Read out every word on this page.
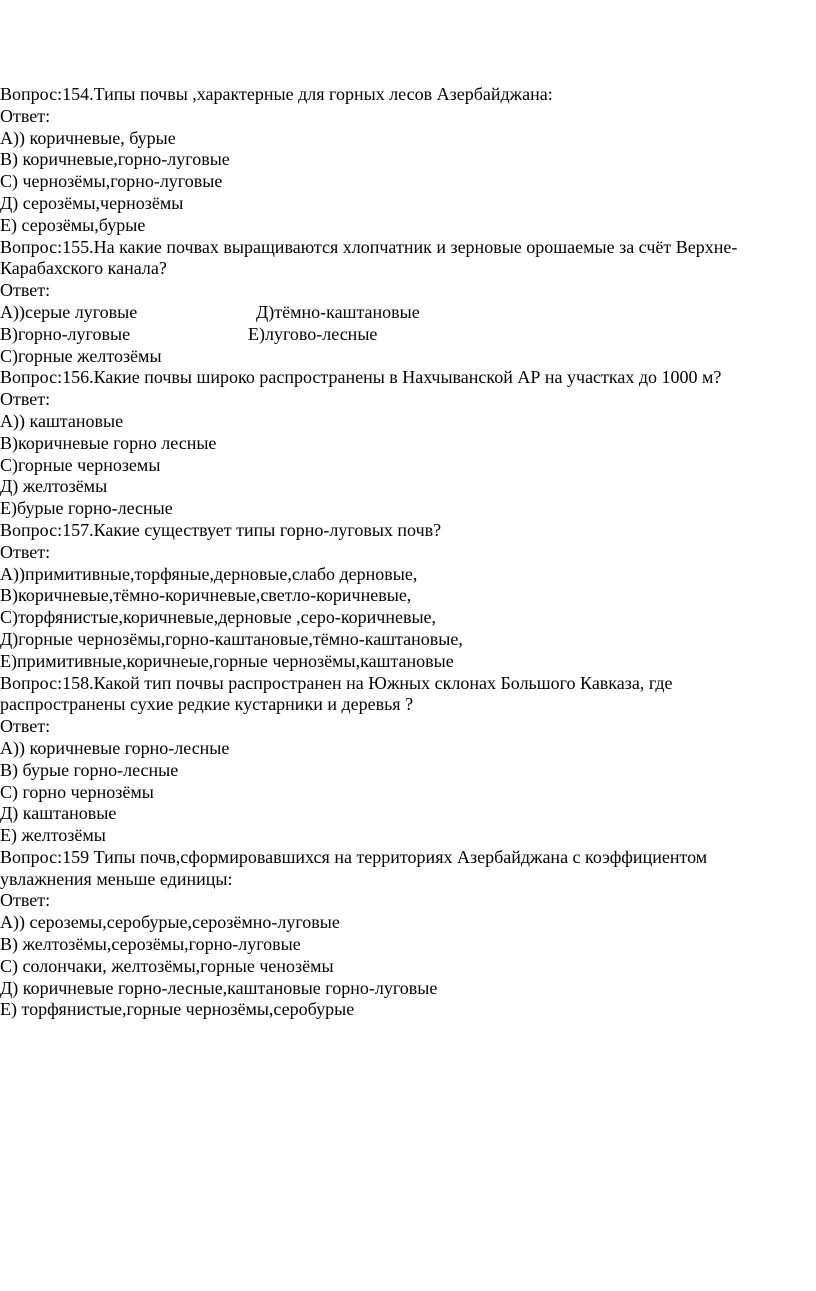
Вопрос:154.Типы почвы ,характерные для горных лесов Азербайджана:
Ответ:
A)) коричневые, бурые
B) коричневые,горно-луговые
C) чернозёмы,горно-луговые
Д) серозёмы,чернозёмы
E) серозёмы,бурые
Вопрос:155.На какие почвах выращиваются хлопчатник и зерновые орошаемые за счёт Верхне-Карабахского канала?
Ответ:
A))серые луговые	Д)тёмно-каштановые
B)горно-луговые	E)лугово-лесные
C)горные желтозёмы
Вопрос:156.Какие почвы широко распространены в Нахчыванской АР на участках до 1000 м?
Ответ:
A)) каштановые
B)коричневые горно лесные
C)горные черноземы
Д) желтозёмы
E)бурые горно-лесные
Вопрос:157.Какие существует типы горно-луговых почв?
Ответ:
A))примитивные,торфяные,дерновые,слабо дерновые,
B)коричневые,тёмно-коричневые,светло-коричневые,
C)торфянистые,коричневые,дерновые ,серо-коричневые,
Д)горные чернозёмы,горно-каштановые,тёмно-каштановые,
E)примитивные,коричнеые,горные чернозёмы,каштановые
Вопрос:158.Какой тип почвы распространен на Южных склонах Большого Кавказа, где распространены сухие редкие кустарники и деревья ?
Ответ:
A)) коричневые горно-лесные
B) бурые горно-лесные
C) горно чернозёмы
Д) каштановые
E) желтозёмы
Вопрос:159 Типы почв,сформировавшихся на территориях Азербайджана с коэффициентом увлажнения меньше единицы:
Ответ:
A)) сероземы,серобурые,серозёмно-луговые
B) желтозёмы,серозёмы,горно-луговые
C) солончаки, желтозёмы,горные ченозёмы
Д) коричневые горно-лесные,каштановые горно-луговые
E) торфянистые,горные чернозёмы,серобурые
